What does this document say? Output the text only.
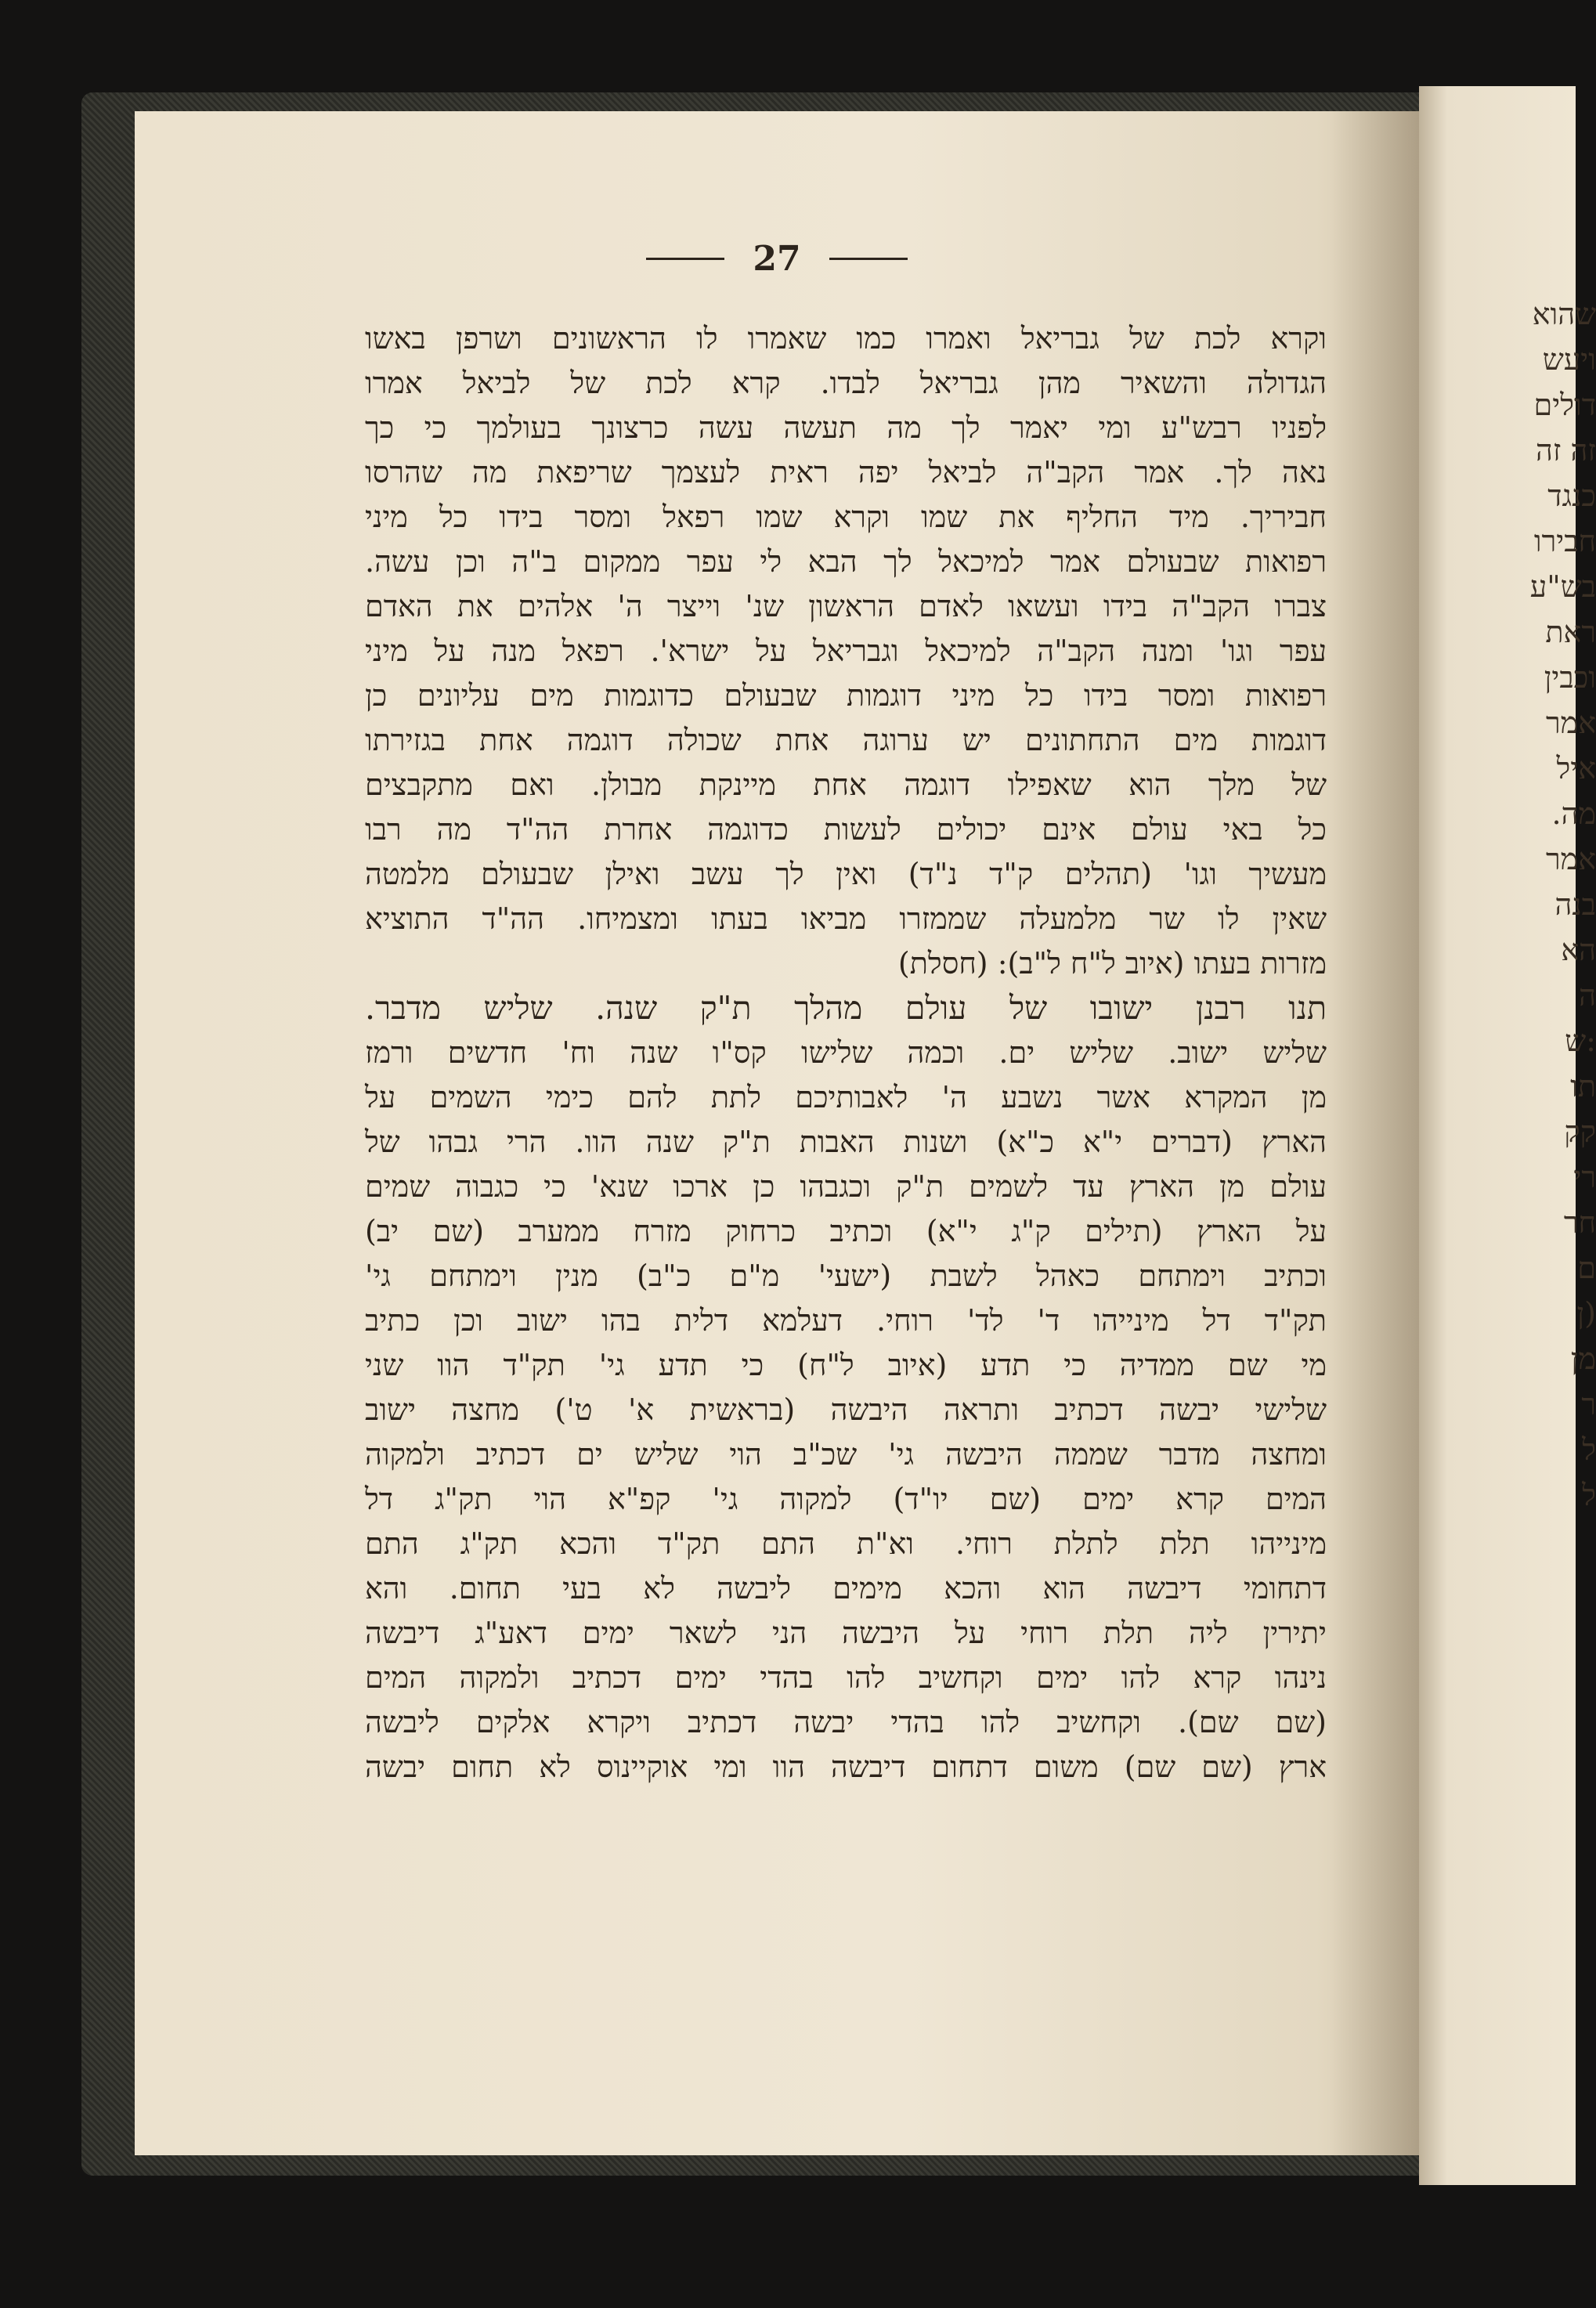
שהוא
ויעש
דולים
זה זה
כנגד
חבירו
בש"ע
ראת
וכבין
אמר
איל
מה.
אמר
בנה
הא
ה
:ש
תו
קק
רי
חר
ם
(ן
מן
ר
ל
ל
27
וקרא לכת של גבריאל ואמרו כמו שאמרו לו הראשונים ושרפן באשו
הגדולה והשאיר מהן גבריאל לבדו. קרא לכת של לביאל אמרו
לפניו רבש"ע ומי יאמר לך מה תעשה עשה כרצונך בעולמך כי כך
נאה לך. אמר הקב"ה לביאל יפה ראית לעצמך שריפאת מה שהרסו
חביריך. מיד החליף את שמו וקרא שמו רפאל ומסר בידו כל מיני
רפואות שבעולם אמר למיכאל לך הבא לי עפר ממקום ב"ה וכן עשה.
צברו הקב"ה בידו ועשאו לאדם הראשון שנ' וייצר ה' אלהים את האדם
עפר וגו' ומנה הקב"ה למיכאל וגבריאל על ישרא'. רפאל מנה על מיני
רפואות ומסר בידו כל מיני דוגמות שבעולם כדוגמות מים עליונים כן
דוגמות מים התחתונים יש ערוגה אחת שכולה דוגמה אחת בגזירתו
של מלך הוא שאפילו דוגמה אחת מיינקת מבולן. ואם מתקבצים
כל באי עולם אינם יכולים לעשות כדוגמה אחרת הה"ד מה רבו
מעשיך וגו' (תהלים ק"ד נ"ד) ואין לך עשב ואילן שבעולם מלמטה
שאין לו שר מלמעלה שממזרו מביאו בעתו ומצמיחו. הה"ד התוציא
מזרות בעתו (איוב ל"ח ל"ב): (חסלת)
תנו רבנן ישובו של עולם מהלך ת"ק שנה. שליש מדבר.
שליש ישוב. שליש ים. וכמה שלישו קס"ו שנה וח' חדשים ורמז
מן המקרא אשר נשבע ה' לאבותיכם לתת להם כימי השמים על
הארץ (דברים י"א כ"א) ושנות האבות ת"ק שנה הוו. הרי גבהו של
עולם מן הארץ עד לשמים ת"ק וכגבהו כן ארכו שנא' כי כגבוה שמים
על הארץ (תילים ק"ג י"א) וכתיב כרחוק מזרח ממערב (שם יב)
וכתיב וימתחם כאהל לשבת (ישעי' מ"ם כ"ב) מנין וימתחם גי'
תק"ד דל מינייהו ד' לד' רוחי. דעלמא דלית בהו ישוב וכן כתיב
מי שם ממדיה כי תדע (איוב ל"ח) כי תדע גי' תק"ד הוו שני
שלישי יבשה דכתיב ותראה היבשה (בראשית א' ט') מחצה ישוב
ומחצה מדבר שממה היבשה גי' שכ"ב הוי שליש ים דכתיב ולמקוה
המים קרא ימים (שם יו"ד) למקוה גי' קפ"א הוי תק"ג דל
מינייהו תלת לתלת רוחי. וא"ת התם תק"ד והכא תק"ג התם
דתחומי דיבשה הוא והכא מימים ליבשה לא בעי תחום. והא
יתירין ליה תלת רוחי על היבשה הני לשאר ימים דאע"ג דיבשה
נינהו קרא להו ימים וקחשיב להו בהדי ימים דכתיב ולמקוה המים
(שם שם). וקחשיב להו בהדי יבשה דכתיב ויקרא אלקים ליבשה
ארץ (שם שם) משום דתחום דיבשה הוו ומי אוקיינוס לא תחום יבשה
